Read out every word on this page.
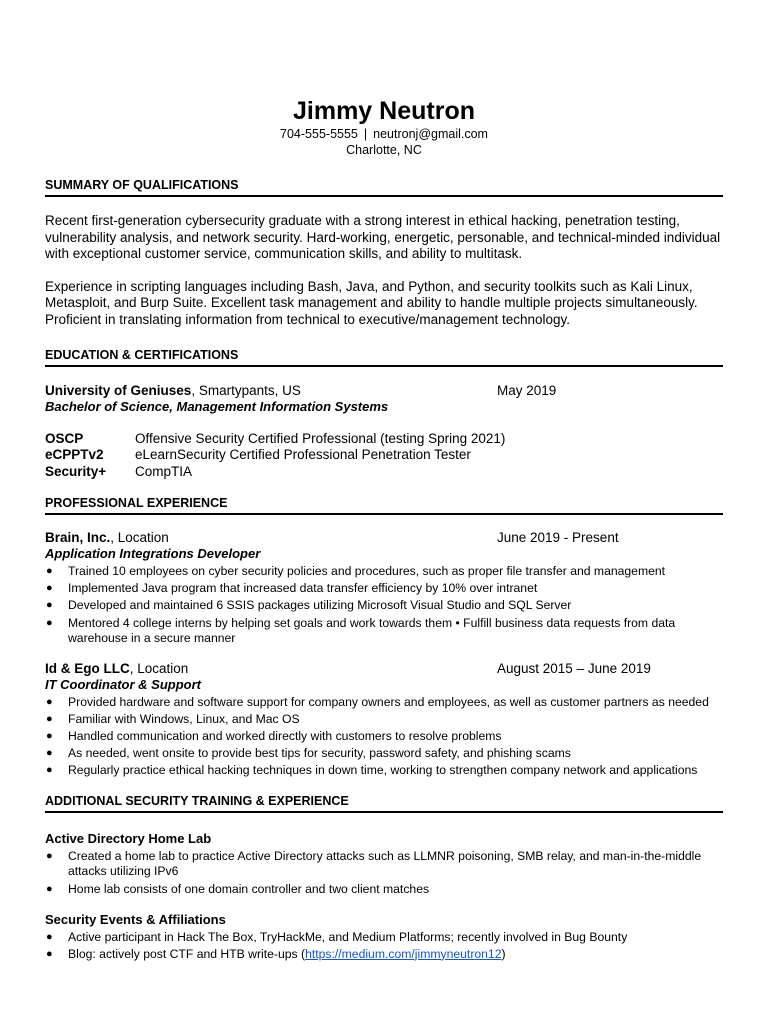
Jimmy Neutron
704-555-5555 | neutronj@gmail.com
Charlotte, NC
SUMMARY OF QUALIFICATIONS
Recent first-generation cybersecurity graduate with a strong interest in ethical hacking, penetration testing, vulnerability analysis, and network security. Hard-working, energetic, personable, and technical-minded individual with exceptional customer service, communication skills, and ability to multitask.
Experience in scripting languages including Bash, Java, and Python, and security toolkits such as Kali Linux, Metasploit, and Burp Suite. Excellent task management and ability to handle multiple projects simultaneously. Proficient in translating information from technical to executive/management technology.
EDUCATION & CERTIFICATIONS
University of Geniuses, Smartypants, US	May 2019
Bachelor of Science, Management Information Systems
OSCP	Offensive Security Certified Professional (testing Spring 2021)
eCPPTv2	eLearnSecurity Certified Professional Penetration Tester
Security+	CompTIA
PROFESSIONAL EXPERIENCE
Brain, Inc., Location	June 2019 - Present
Application Integrations Developer
● Trained 10 employees on cyber security policies and procedures, such as proper file transfer and management
● Implemented Java program that increased data transfer efficiency by 10% over intranet
● Developed and maintained 6 SSIS packages utilizing Microsoft Visual Studio and SQL Server
● Mentored 4 college interns by helping set goals and work towards them • Fulfill business data requests from data warehouse in a secure manner
Id & Ego LLC, Location	August 2015 – June 2019
IT Coordinator & Support
● Provided hardware and software support for company owners and employees, as well as customer partners as needed
● Familiar with Windows, Linux, and Mac OS
● Handled communication and worked directly with customers to resolve problems
● As needed, went onsite to provide best tips for security, password safety, and phishing scams
● Regularly practice ethical hacking techniques in down time, working to strengthen company network and applications
ADDITIONAL SECURITY TRAINING & EXPERIENCE
Active Directory Home Lab
● Created a home lab to practice Active Directory attacks such as LLMNR poisoning, SMB relay, and man-in-the-middle attacks utilizing IPv6
● Home lab consists of one domain controller and two client matches
Security Events & Affiliations
● Active participant in Hack The Box, TryHackMe, and Medium Platforms; recently involved in Bug Bounty
● Blog: actively post CTF and HTB write-ups (https://medium.com/jimmyneutron12)
